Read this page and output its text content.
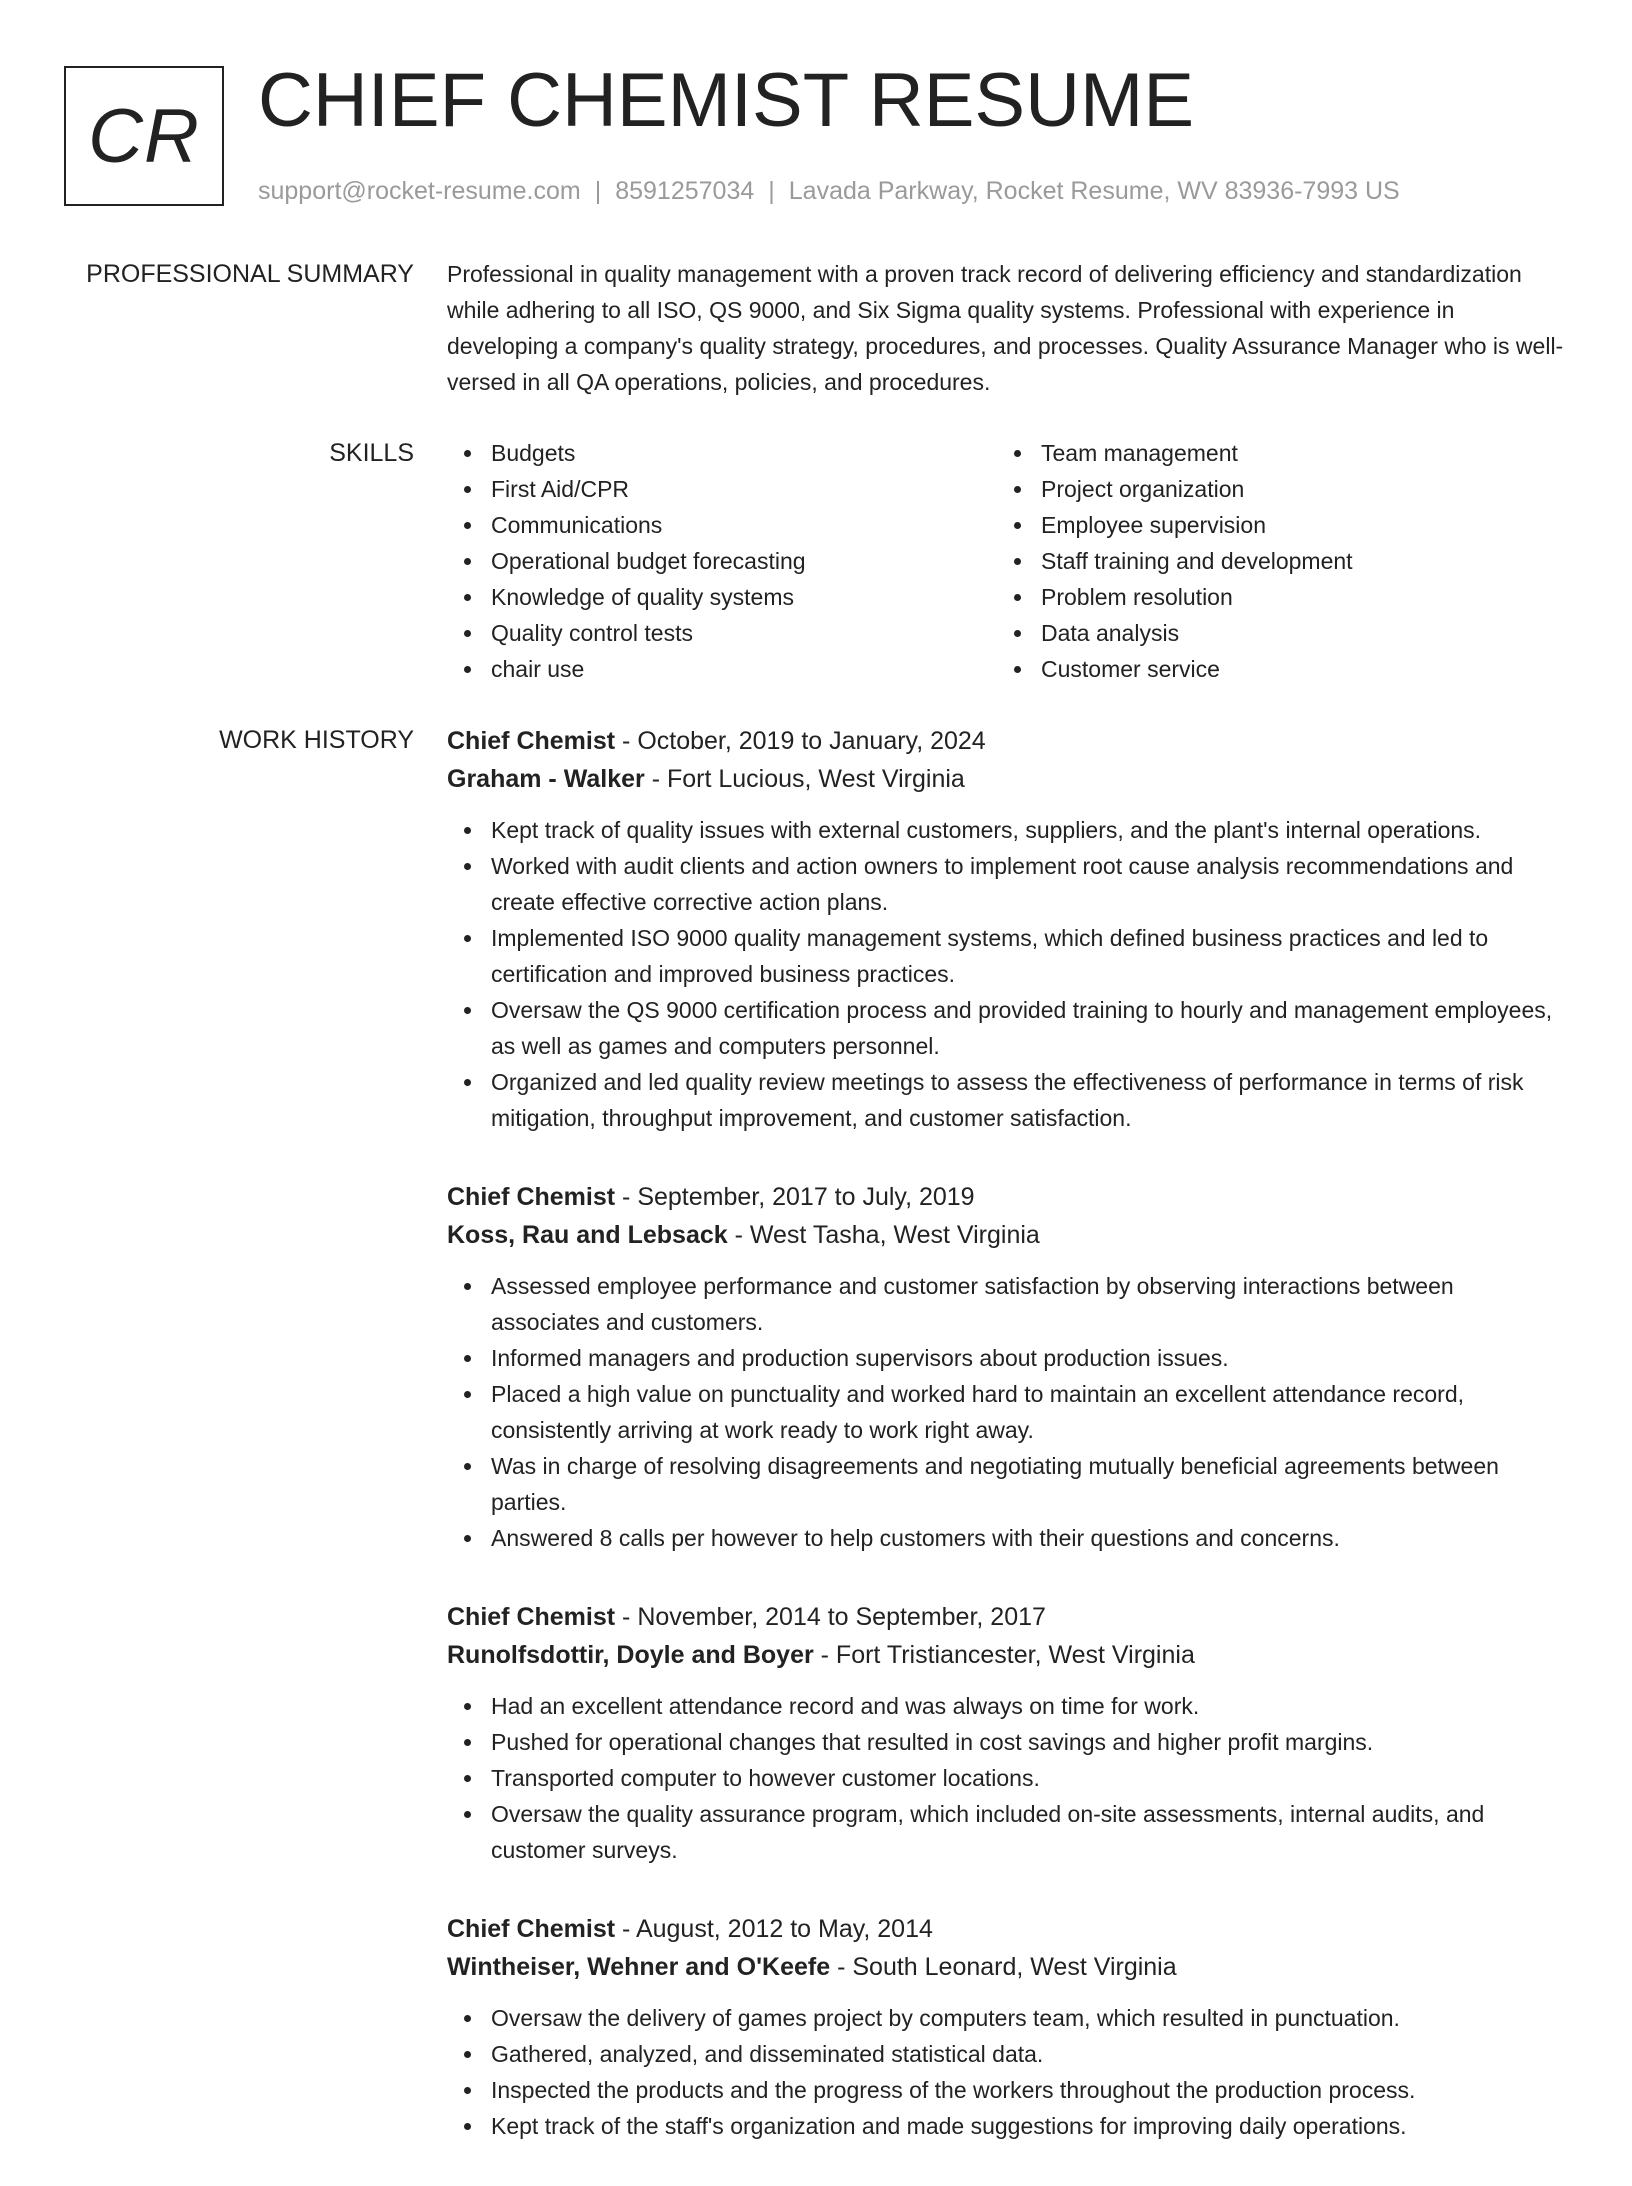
CR CHIEF CHEMIST RESUME
support@rocket-resume.com | 8591257034 | Lavada Parkway, Rocket Resume, WV 83936-7993 US
PROFESSIONAL SUMMARY Professional in quality management with a proven track record of delivering efficiency and standardization while adhering to all ISO, QS 9000, and Six Sigma quality systems. Professional with experience in developing a company's quality strategy, procedures, and processes. Quality Assurance Manager who is well-versed in all QA operations, policies, and procedures.

SKILLS	Budgets
First Aid/CPR
Communications
Operational budget forecasting
Knowledge of quality systems
Quality control tests
chair use
Team management
Project organization
Employee supervision
Staff training and development
Problem resolution
Data analysis
Customer service
WORK HISTORY Chief Chemist - October, 2019 to January, 2024
Graham - Walker - Fort Lucious, West Virginia
Kept track of quality issues with external customers, suppliers, and the plant's internal operations.
Worked with audit clients and action owners to implement root cause analysis recommendations and create effective corrective action plans.
Implemented ISO 9000 quality management systems, which defined business practices and led to certification and improved business practices.
Oversaw the QS 9000 certification process and provided training to hourly and management employees, as well as games and computers personnel.
Organized and led quality review meetings to assess the effectiveness of performance in terms of risk mitigation, throughput improvement, and customer satisfaction.
Chief Chemist - September, 2017 to July, 2019
Koss, Rau and Lebsack - West Tasha, West Virginia
Assessed employee performance and customer satisfaction by observing interactions between associates and customers.
Informed managers and production supervisors about production issues.
Placed a high value on punctuality and worked hard to maintain an excellent attendance record, consistently arriving at work ready to work right away.
Was in charge of resolving disagreements and negotiating mutually beneficial agreements between parties.
Answered 8 calls per however to help customers with their questions and concerns.
Chief Chemist - November, 2014 to September, 2017
Runolfsdottir, Doyle and Boyer - Fort Tristiancester, West Virginia
Had an excellent attendance record and was always on time for work.
Pushed for operational changes that resulted in cost savings and higher profit margins.
Transported computer to however customer locations.
Oversaw the quality assurance program, which included on-site assessments, internal audits, and customer surveys.
Chief Chemist - August, 2012 to May, 2014
Wintheiser, Wehner and O'Keefe - South Leonard, West Virginia
Oversaw the delivery of games project by computers team, which resulted in punctuation.
Gathered, analyzed, and disseminated statistical data.
Inspected the products and the progress of the workers throughout the production process.
Kept track of the staff's organization and made suggestions for improving daily operations.
